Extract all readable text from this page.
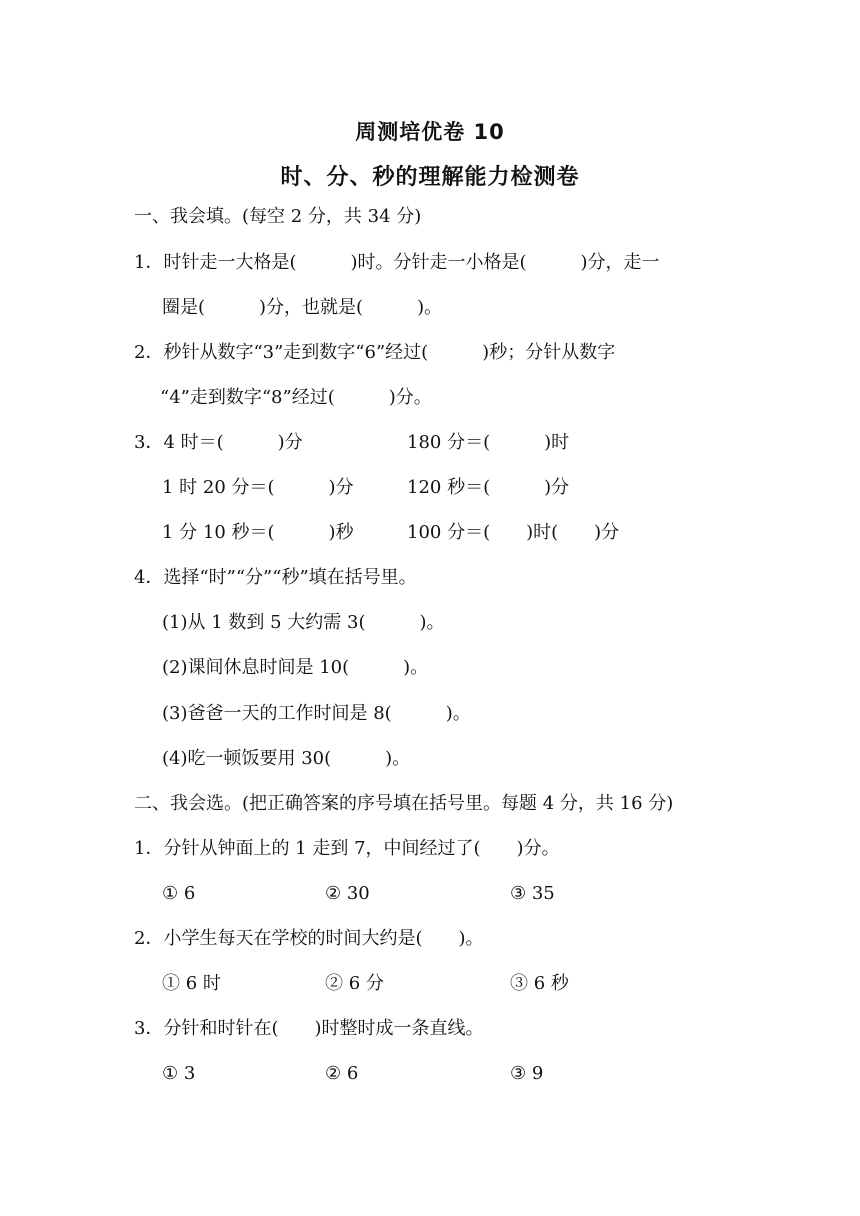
周测培优卷 10
时、分、秒的理解能力检测卷
一、我会填。(每空 2 分，共 34 分)
1．时针走一大格是(　　　)时。分针走一小格是(　　　)分，走一
圈是(　　　)分，也就是(　　　)。
2．秒针从数字“3”走到数字“6”经过(　　　)秒；分针从数字
“4”走到数字“8”经过(　　　)分。
3．4 时＝(　　　)分	180 分＝(　　　)时
1 时 20 分＝(　　　)分	120 秒＝(　　　)分
1 分 10 秒＝(　　　)秒	100 分＝(　　)时(　　)分
4．选择“时”“分”“秒”填在括号里。
(1)从 1 数到 5 大约需 3(　　　)。
(2)课间休息时间是 10(　　　)。
(3)爸爸一天的工作时间是 8(　　　)。
(4)吃一顿饭要用 30(　　　)。
二、我会选。(把正确答案的序号填在括号里。每题 4 分，共 16 分)
1．分针从钟面上的 1 走到 7，中间经过了(　　)分。
① 6	② 30	③ 35
2．小学生每天在学校的时间大约是(　　)。
① 6 时	② 6 分	③ 6 秒
3．分针和时针在(　　)时整时成一条直线。
① 3	② 6	③ 9
